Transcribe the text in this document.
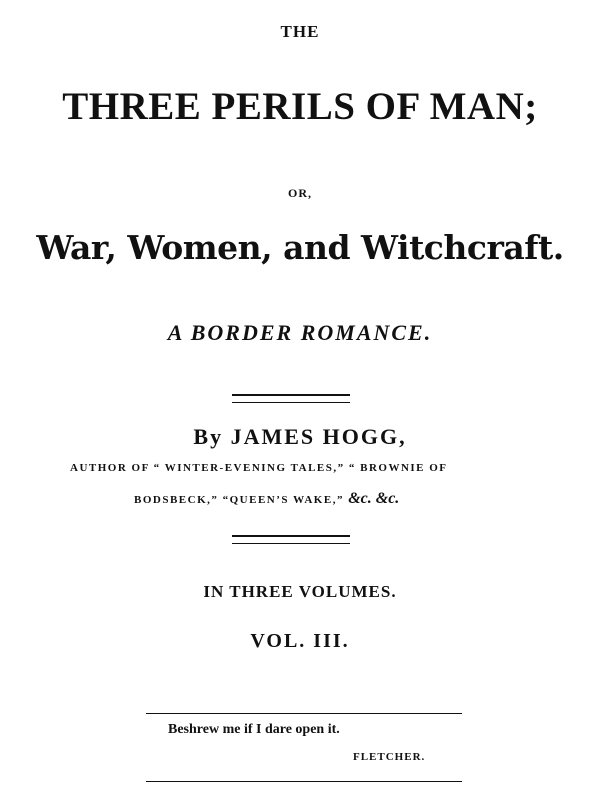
THE
THREE PERILS OF MAN;
OR,
War, Women, and Witchcraft.
A BORDER ROMANCE.
By JAMES HOGG,
AUTHOR OF “ WINTER-EVENING TALES,” “ BROWNIE OF
BODSBECK,” “QUEEN’S WAKE,” &c. &c.
IN THREE VOLUMES.
VOL. III.
Beshrew me if I dare open it.
FLETCHER.
